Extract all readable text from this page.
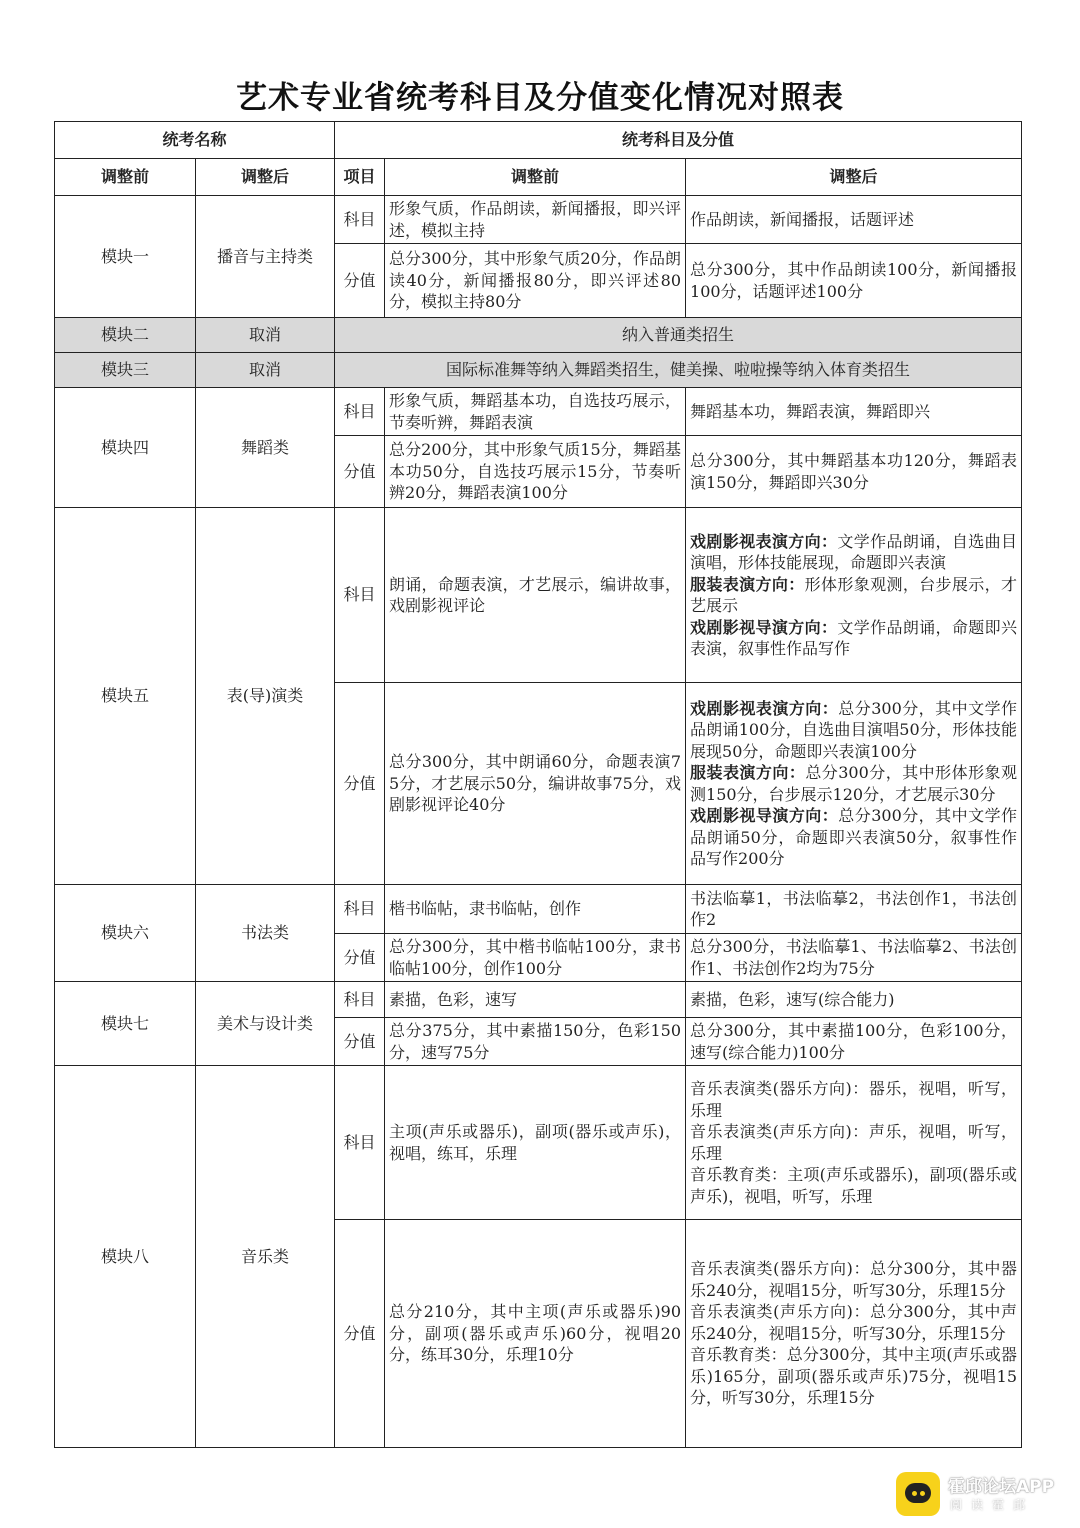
艺术专业省统考科目及分值变化情况对照表
统考名称		统考科目及分值		
调整前	调整后	项目	调整前	调整后
模块一	播音与主持类	科目	形象气质，作品朗读，新闻播报，即兴评述，模拟主持	作品朗读，新闻播报，话题评述
		分值	总分300分，其中形象气质20分，作品朗读40分，新闻播报80分，即兴评述80分，模拟主持80分	总分300分，其中作品朗读100分，新闻播报100分，话题评述100分
模块二	取消	纳入普通类招生		
模块三	取消	国际标准舞等纳入舞蹈类招生，健美操、啦啦操等纳入体育类招生		
模块四	舞蹈类	科目	形象气质，舞蹈基本功，自选技巧展示，节奏听辨，舞蹈表演	舞蹈基本功，舞蹈表演，舞蹈即兴
		分值	总分200分，其中形象气质15分，舞蹈基本功50分，自选技巧展示15分，节奏听辨20分，舞蹈表演100分	总分300分，其中舞蹈基本功120分，舞蹈表演150分，舞蹈即兴30分
模块五	表(导)演类	科目	朗诵，命题表演，才艺展示，编讲故事，戏剧影视评论	戏剧影视表演方向：文学作品朗诵，自选曲目演唱，形体技能展现，命题即兴表演
服装表演方向：形体形象观测，台步展示，才艺展示
戏剧影视导演方向：文学作品朗诵，命题即兴表演，叙事性作品写作
		分值	总分300分，其中朗诵60分，命题表演75分，才艺展示50分，编讲故事75分，戏剧影视评论40分	戏剧影视表演方向：总分300分，其中文学作品朗诵100分，自选曲目演唱50分，形体技能展现50分，命题即兴表演100分
服装表演方向：总分300分，其中形体形象观测150分，台步展示120分，才艺展示30分
戏剧影视导演方向：总分300分，其中文学作品朗诵50分，命题即兴表演50分，叙事性作品写作200分
模块六	书法类	科目	楷书临帖，隶书临帖，创作	书法临摹1，书法临摹2，书法创作1，书法创作2
		分值	总分300分，其中楷书临帖100分，隶书临帖100分，创作100分	总分300分，书法临摹1、书法临摹2、书法创作1、书法创作2均为75分
模块七	美术与设计类	科目	素描，色彩，速写	素描，色彩，速写(综合能力)
		分值	总分375分，其中素描150分，色彩150分，速写75分	总分300分，其中素描100分，色彩100分，速写(综合能力)100分
模块八	音乐类	科目	主项(声乐或器乐)，副项(器乐或声乐)，视唱，练耳，乐理	音乐表演类(器乐方向)：器乐，视唱，听写，乐理
音乐表演类(声乐方向)：声乐，视唱，听写，乐理
音乐教育类：主项(声乐或器乐)，副项(器乐或声乐)，视唱，听写，乐理
		分值	总分210分，其中主项(声乐或器乐)90分，副项(器乐或声乐)60分，视唱20分，练耳30分，乐理10分	音乐表演类(器乐方向)：总分300分，其中器乐240分，视唱15分，听写30分，乐理15分
音乐表演类(声乐方向)：总分300分，其中声乐240分，视唱15分，听写30分，乐理15分
音乐教育类：总分300分，其中主项(声乐或器乐)165分，副项(器乐或声乐)75分，视唱15分，听写30分，乐理15分
霍邱论坛APP
阅读霍邱
